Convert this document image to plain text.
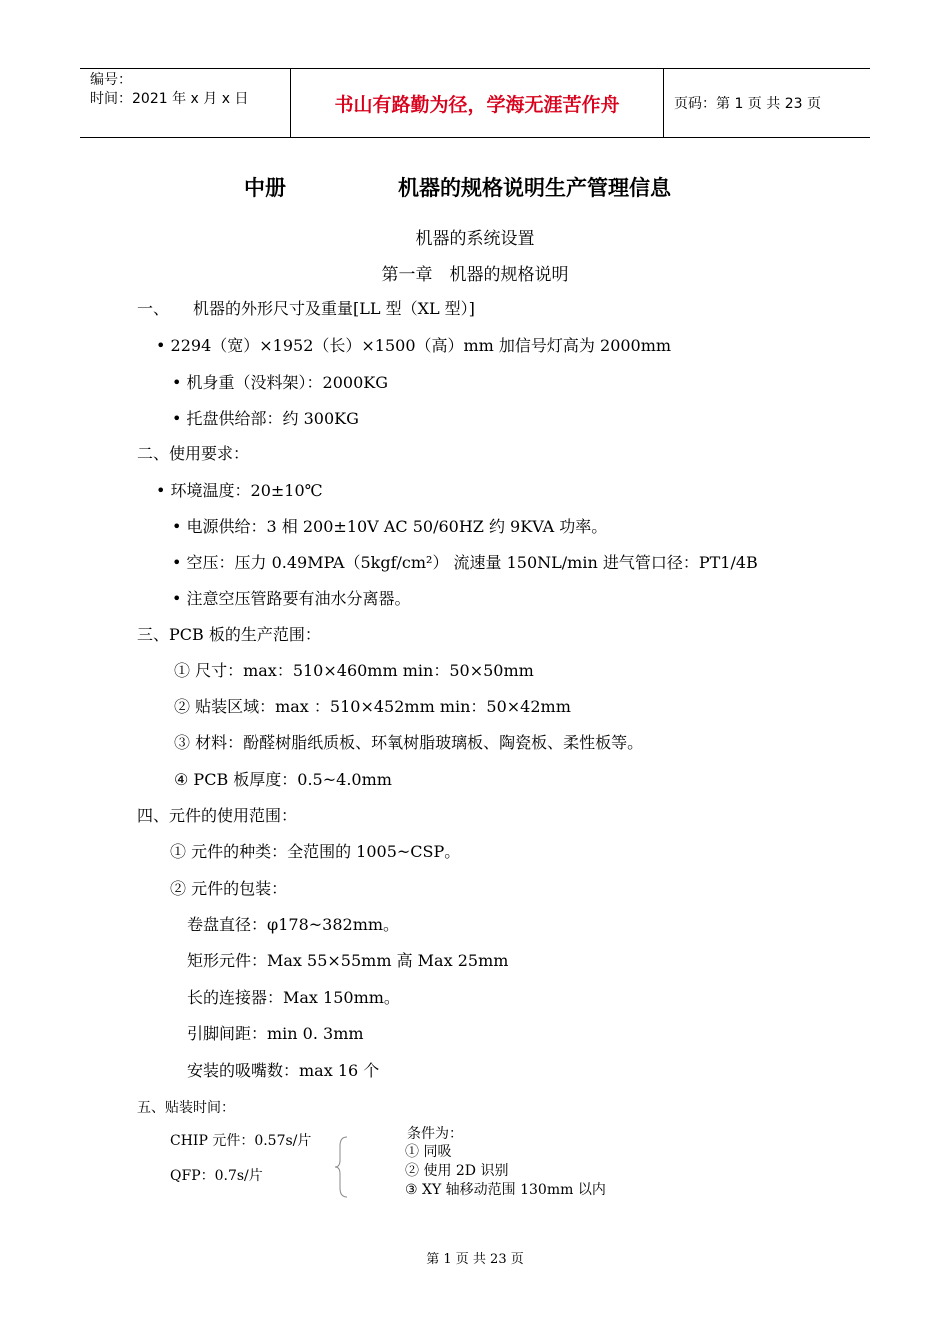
编号：
时间：2021 年 x 月 x 日	书山有路勤为径，学海无涯苦作舟	页码：第 1 页 共 23 页
中册	机器的规格说明生产管理信息
机器的系统设置
第一章　机器的规格说明
一、　　机器的外形尺寸及重量[LL 型（XL 型）]
• 2294（宽）×1952（长）×1500（高）mm 加信号灯高为 2000mm
• 机身重（没料架）：2000KG
• 托盘供给部：约 300KG
二、使用要求：
• 环境温度：20±10℃
• 电源供给：3 相 200±10V AC 50/60HZ 约 9KVA 功率。
• 空压：压力 0.49MPA（5kgf/cm²） 流速量 150NL/min 进气管口径：PT1/4B
• 注意空压管路要有油水分离器。
三、PCB 板的生产范围：
① 尺寸：max：510×460mm min：50×50mm
② 贴装区域：max ：510×452mm min：50×42mm
③ 材料：酚醛树脂纸质板、环氧树脂玻璃板、陶瓷板、柔性板等。
④ PCB 板厚度：0.5~4.0mm
四、元件的使用范围：
① 元件的种类：全范围的 1005~CSP。
② 元件的包装：
卷盘直径：φ178~382mm。
矩形元件：Max 55×55mm 高 Max 25mm
长的连接器：Max 150mm。
引脚间距：min 0. 3mm
安装的吸嘴数：max 16 个
五、贴装时间：
CHIP 元件：0.57s/片
QFP：0.7s/片
条件为：
① 同吸
② 使用 2D 识别
③ XY 轴移动范围 130mm 以内
第 1 页 共 23 页
